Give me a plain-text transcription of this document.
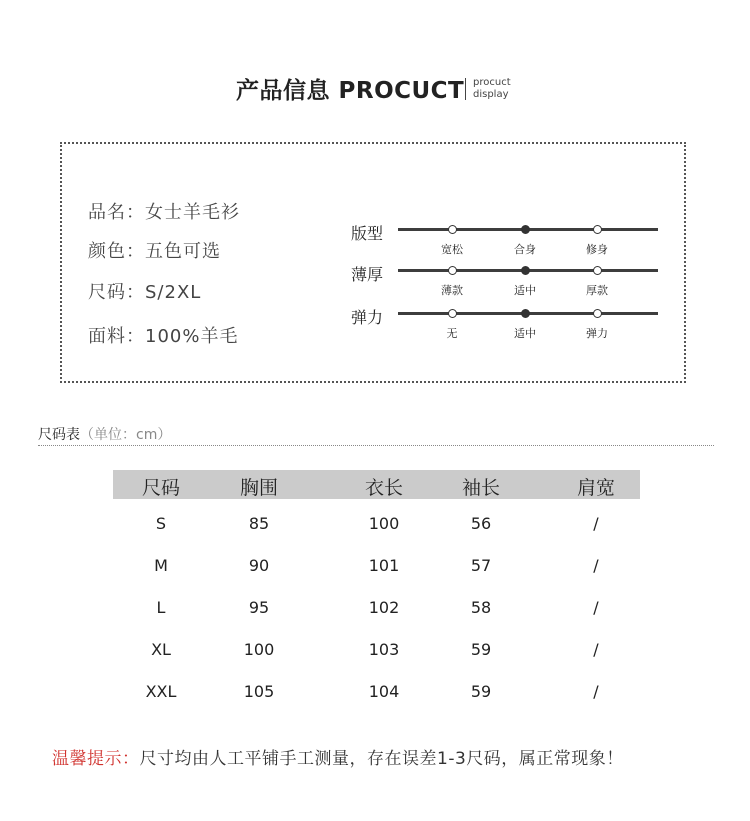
产品信息 PROCUCT procuct
display
品名：女士羊毛衫
颜色：五色可选
尺码：S/2XL
面料：100%羊毛
版型
宽松	合身	修身
薄厚
薄款	适中	厚款
弹力
无	适中	弹力
尺码表（单位：cm）
尺码	胸围	衣长	袖长	肩宽
S	85	100	56	/
M	90	101	57	/
L	95	102	58	/
XL	100	103	59	/
XXL	105	104	59	/
温馨提示：尺寸均由人工平铺手工测量，存在误差1-3尺码，属正常现象！
